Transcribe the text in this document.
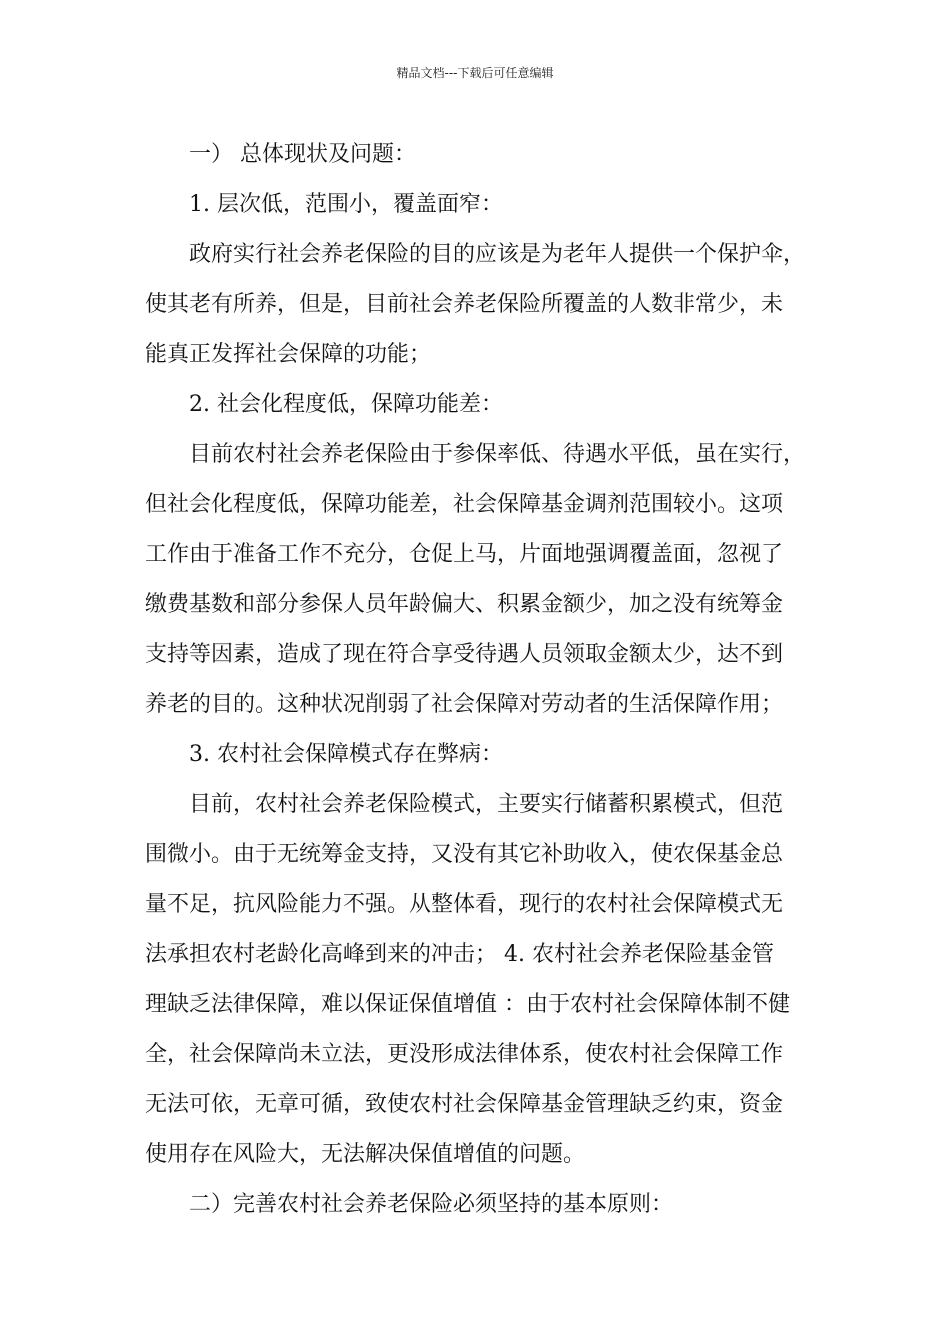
精品文档---下载后可任意编辑
一） 总体现状及问题：
1. 层次低，范围小，覆盖面窄：
政府实行社会养老保险的目的应该是为老年人提供一个保护伞，
使其老有所养，但是，目前社会养老保险所覆盖的人数非常少，未
能真正发挥社会保障的功能；
2. 社会化程度低，保障功能差：
目前农村社会养老保险由于参保率低、待遇水平低，虽在实行，
但社会化程度低，保障功能差，社会保障基金调剂范围较小。这项
工作由于准备工作不充分，仓促上马，片面地强调覆盖面，忽视了
缴费基数和部分参保人员年龄偏大、积累金额少，加之没有统筹金
支持等因素，造成了现在符合享受待遇人员领取金额太少，达不到
养老的目的。这种状况削弱了社会保障对劳动者的生活保障作用；
3. 农村社会保障模式存在弊病：
目前，农村社会养老保险模式，主要实行储蓄积累模式，但范
围微小。由于无统筹金支持，又没有其它补助收入，使农保基金总
量不足，抗风险能力不强。从整体看，现行的农村社会保障模式无
法承担农村老龄化高峰到来的冲击； 4. 农村社会养老保险基金管
理缺乏法律保障，难以保证保值增值 ：由于农村社会保障体制不健
全，社会保障尚未立法，更没形成法律体系，使农村社会保障工作
无法可依，无章可循，致使农村社会保障基金管理缺乏约束，资金
使用存在风险大，无法解决保值增值的问题。
二）完善农村社会养老保险必须坚持的基本原则：
